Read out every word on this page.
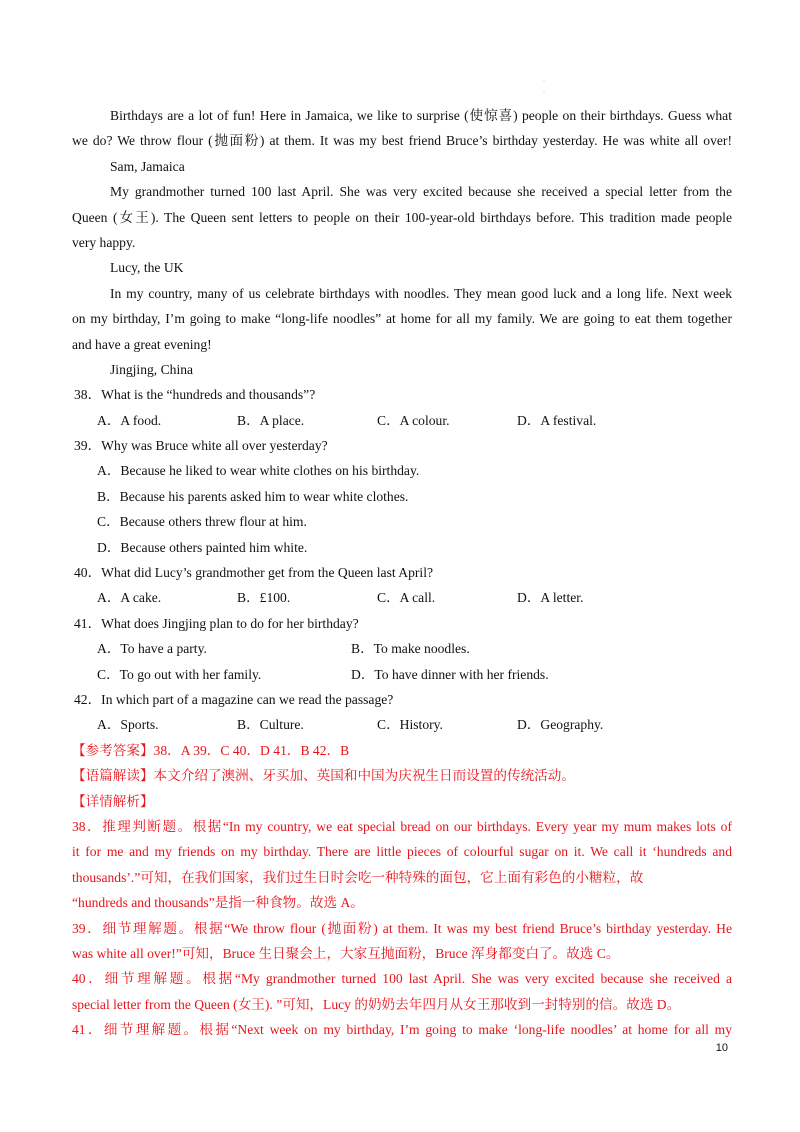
·
·
Birthdays are a lot of fun! Here in Jamaica, we like to surprise (使惊喜) people on their birthdays. Guess what
we do? We throw flour (抛面粉) at them. It was my best friend Bruce’s birthday yesterday. He was white all over!
Sam, Jamaica
My grandmother turned 100 last April. She was very excited because she received a special letter from the
Queen (女王). The Queen sent letters to people on their 100-year-old birthdays before. This tradition made people
very happy.
Lucy, the UK
In my country, many of us celebrate birthdays with noodles. They mean good luck and a long life. Next week
on my birthday, I’m going to make “long-life noodles” at home for all my family. We are going to eat them together
and have a great evening!
Jingjing, China
38．What is the “hundreds and thousands”?
A．A food.	B．A place.	C．A colour.	D．A festival.
39．Why was Bruce white all over yesterday?
A．Because he liked to wear white clothes on his birthday.
B．Because his parents asked him to wear white clothes.
C．Because others threw flour at him.
D．Because others painted him white.
40．What did Lucy’s grandmother get from the Queen last April?
A．A cake.	B．£100.	C．A call.	D．A letter.
41．What does Jingjing plan to do for her birthday?
A．To have a party.	B．To make noodles.
C．To go out with her family.	D．To have dinner with her friends.
42．In which part of a magazine can we read the passage?
A．Sports.	B．Culture.	C．History.	D．Geography.
【参考答案】38．A 39．C 40．D 41．B 42．B
【语篇解读】本文介绍了澳洲、牙买加、英国和中国为庆祝生日而设置的传统活动。
【详情解析】
38．推理判断题。根据“In my country, we eat special bread on our birthdays. Every year my mum makes lots of
it for me and my friends on my birthday. There are little pieces of colourful sugar on it. We call it ‘hundreds and
thousands’.”可知，在我们国家，我们过生日时会吃一种特殊的面包，它上面有彩色的小糖粒，故
“hundreds and thousands”是指一种食物。故选 A。
39．细节理解题。根据“We throw flour (抛面粉) at them. It was my best friend Bruce’s birthday yesterday. He
was white all over!”可知，Bruce 生日聚会上，大家互抛面粉，Bruce 浑身都变白了。故选 C。
40．细节理解题。根据“My grandmother turned 100 last April. She was very excited because she received a
special letter from the Queen (女王). ”可知，Lucy 的奶奶去年四月从女王那收到一封特别的信。故选 D。
41．细节理解题。根据“Next week on my birthday, I’m going to make ‘long-life noodles’ at home for all my
10
